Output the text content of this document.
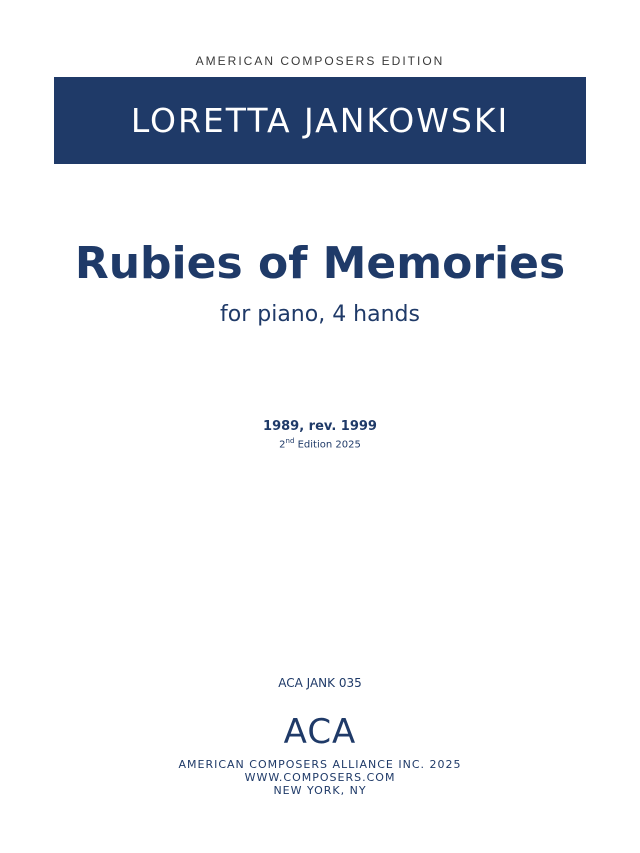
AMERICAN COMPOSERS EDITION
LORETTA JANKOWSKI
Rubies of Memories
for piano, 4 hands
1989, rev. 1999
2nd Edition 2025
ACA JANK 035
ACA
AMERICAN COMPOSERS ALLIANCE INC. 2025
WWW.COMPOSERS.COM
NEW YORK, NY
